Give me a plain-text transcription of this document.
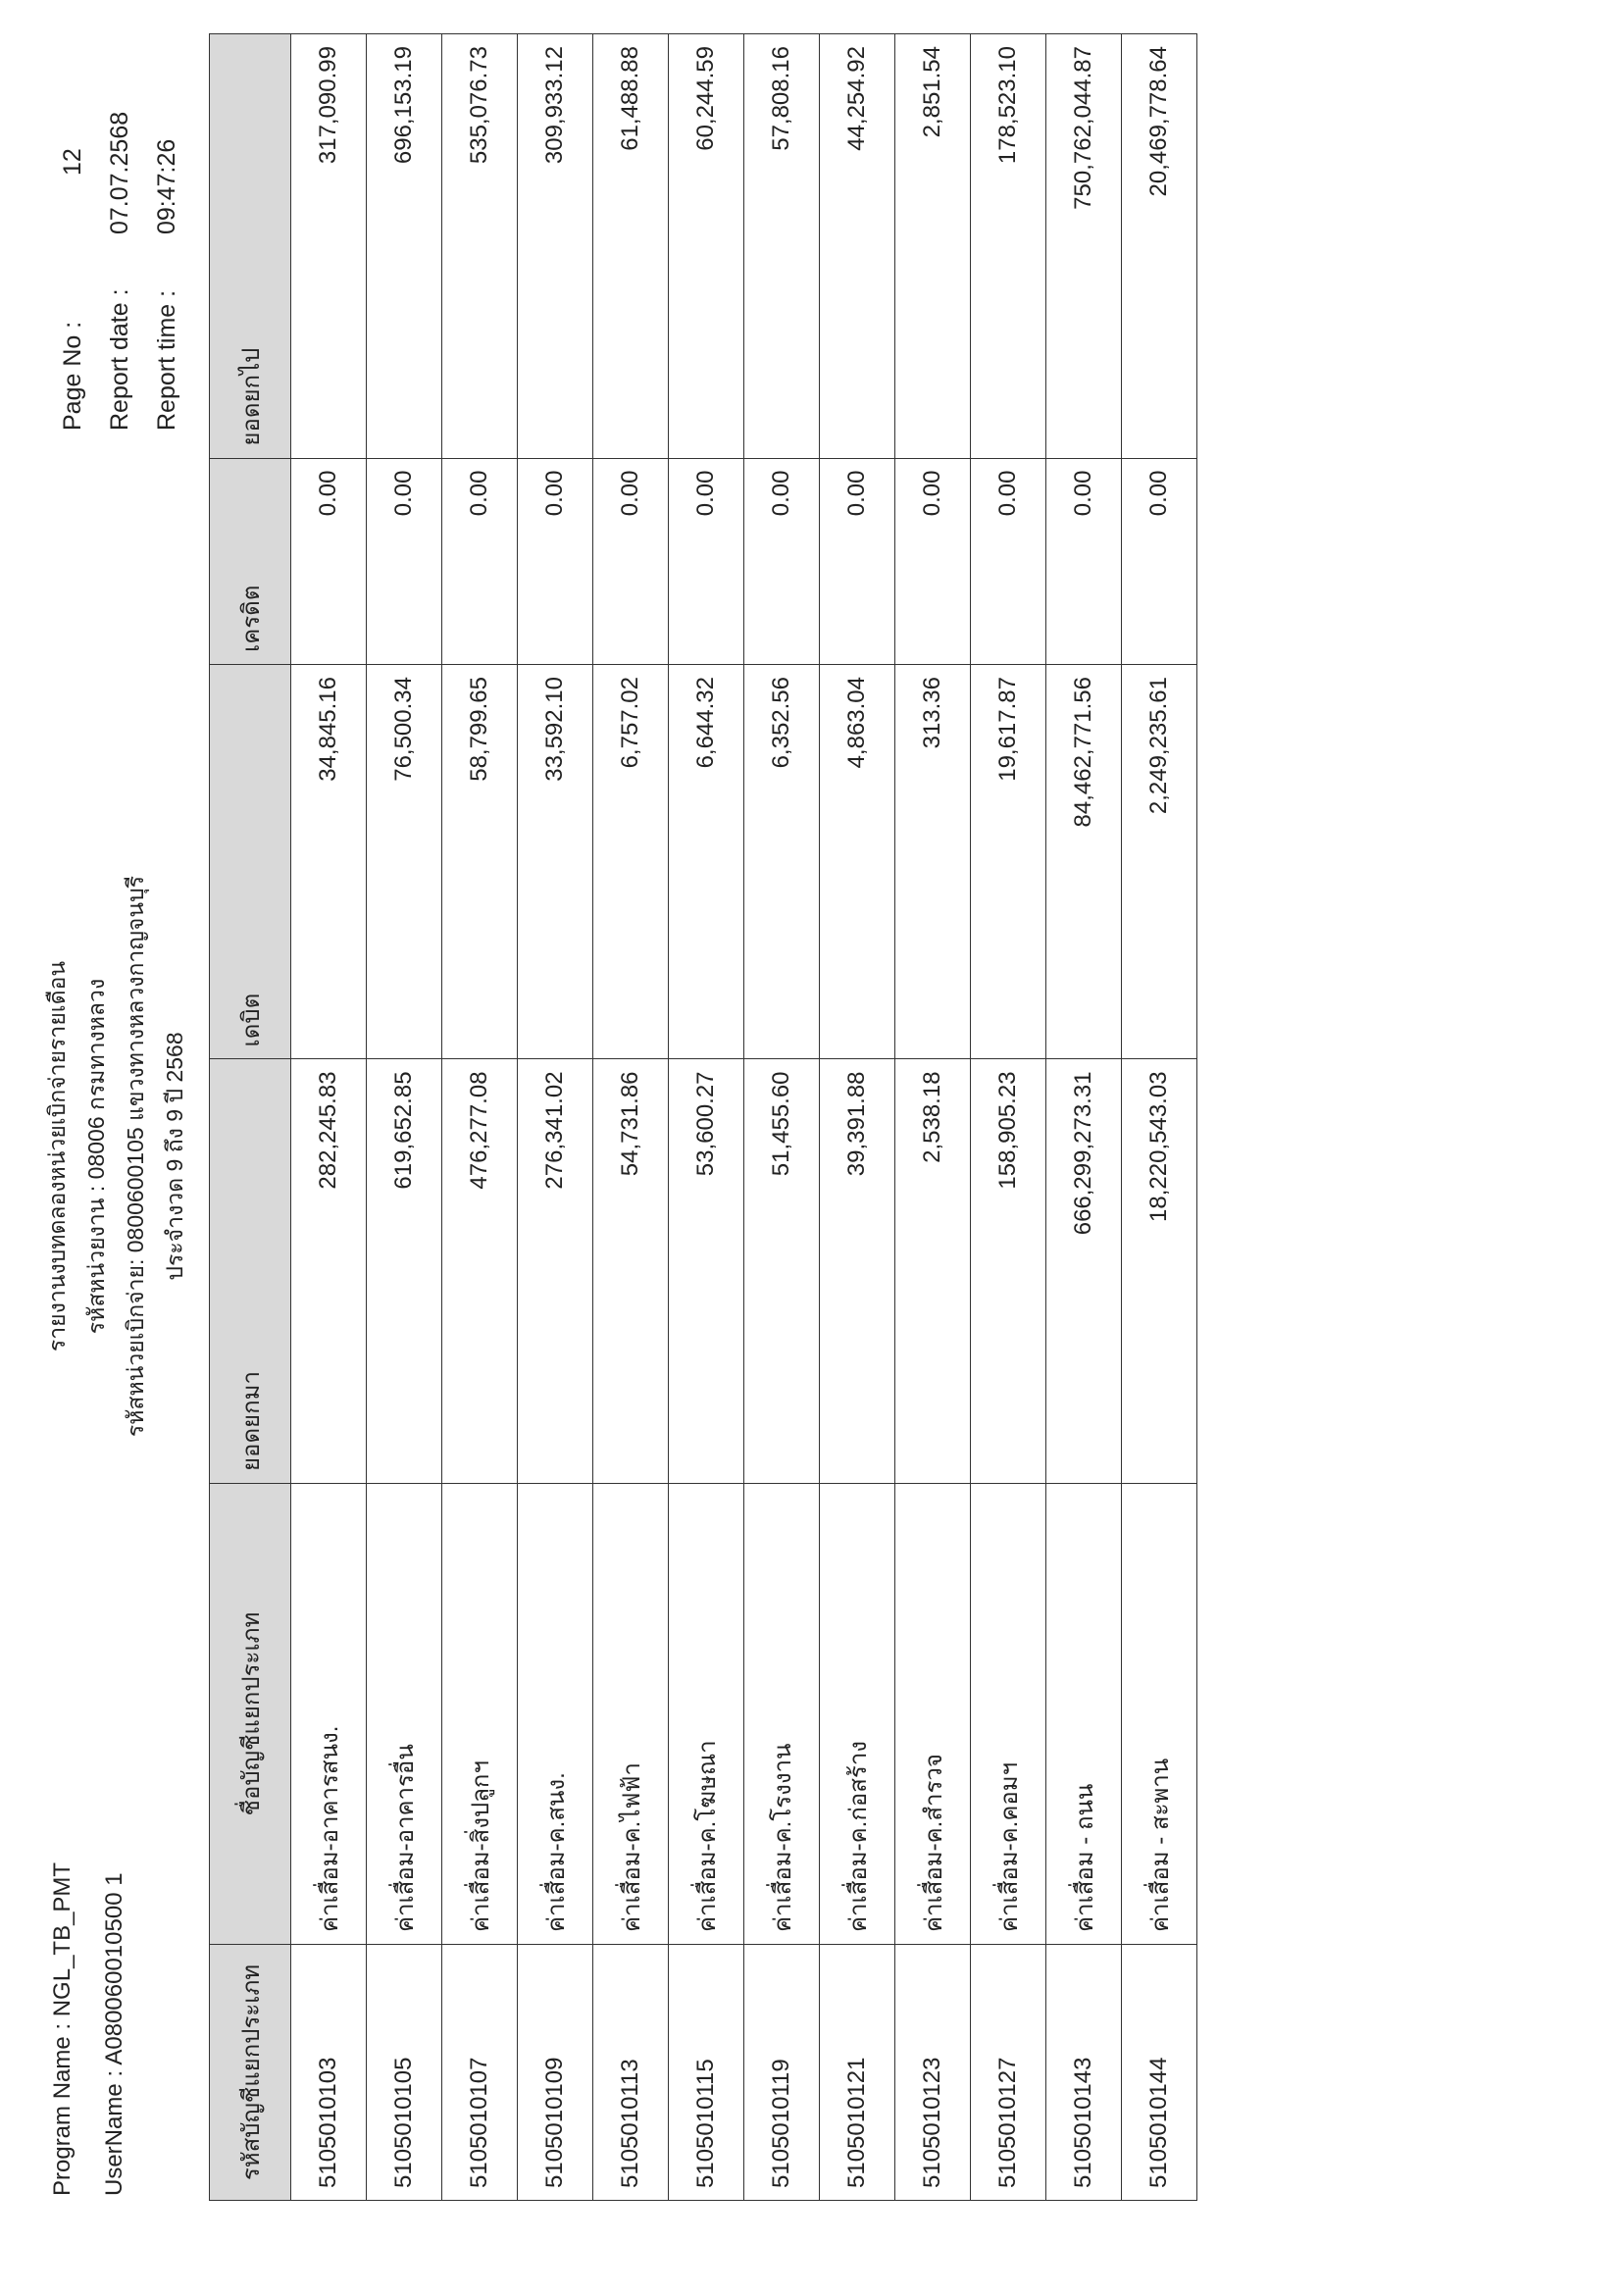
Program Name : NGL_TB_PMT UserName : A080060010500 1
รายงานงบทดลองหน่วยเบิกจ่ายรายเดือน รหัสหน่วยงาน : 08006 กรมทางหลวง รหัสหน่วยเบิกจ่าย: 0800600105 แขวงทางหลวงกาญจนบุรี ประจำงวด 9 ถึง 9 ปี 2568
Page No :
12
Report date :
07.07.2568
Report time :
09:47:26
รหัสบัญชีแยกประเภท	ชื่อบัญชีแยกประเภท	ยอดยกมา	เดบิต	เครดิต	ยอดยกไป
5105010103	ค่าเสื่อม-อาคารสนง.	282,245.83	34,845.16	0.00	317,090.99
5105010105	ค่าเสื่อม-อาคารอื่น	619,652.85	76,500.34	0.00	696,153.19
5105010107	ค่าเสื่อม-สิ่งปลูกฯ	476,277.08	58,799.65	0.00	535,076.73
5105010109	ค่าเสื่อม-ค.สนง.	276,341.02	33,592.10	0.00	309,933.12
5105010113	ค่าเสื่อม-ค.ไฟฟ้า	54,731.86	6,757.02	0.00	61,488.88
5105010115	ค่าเสื่อม-ค.โฆษณา	53,600.27	6,644.32	0.00	60,244.59
5105010119	ค่าเสื่อม-ค.โรงงาน	51,455.60	6,352.56	0.00	57,808.16
5105010121	ค่าเสื่อม-ค.ก่อสร้าง	39,391.88	4,863.04	0.00	44,254.92
5105010123	ค่าเสื่อม-ค.สำรวจ	2,538.18	313.36	0.00	2,851.54
5105010127	ค่าเสื่อม-ค.คอมฯ	158,905.23	19,617.87	0.00	178,523.10
5105010143	ค่าเสื่อม - ถนน	666,299,273.31	84,462,771.56	0.00	750,762,044.87
5105010144	ค่าเสื่อม - สะพาน	18,220,543.03	2,249,235.61	0.00	20,469,778.64
